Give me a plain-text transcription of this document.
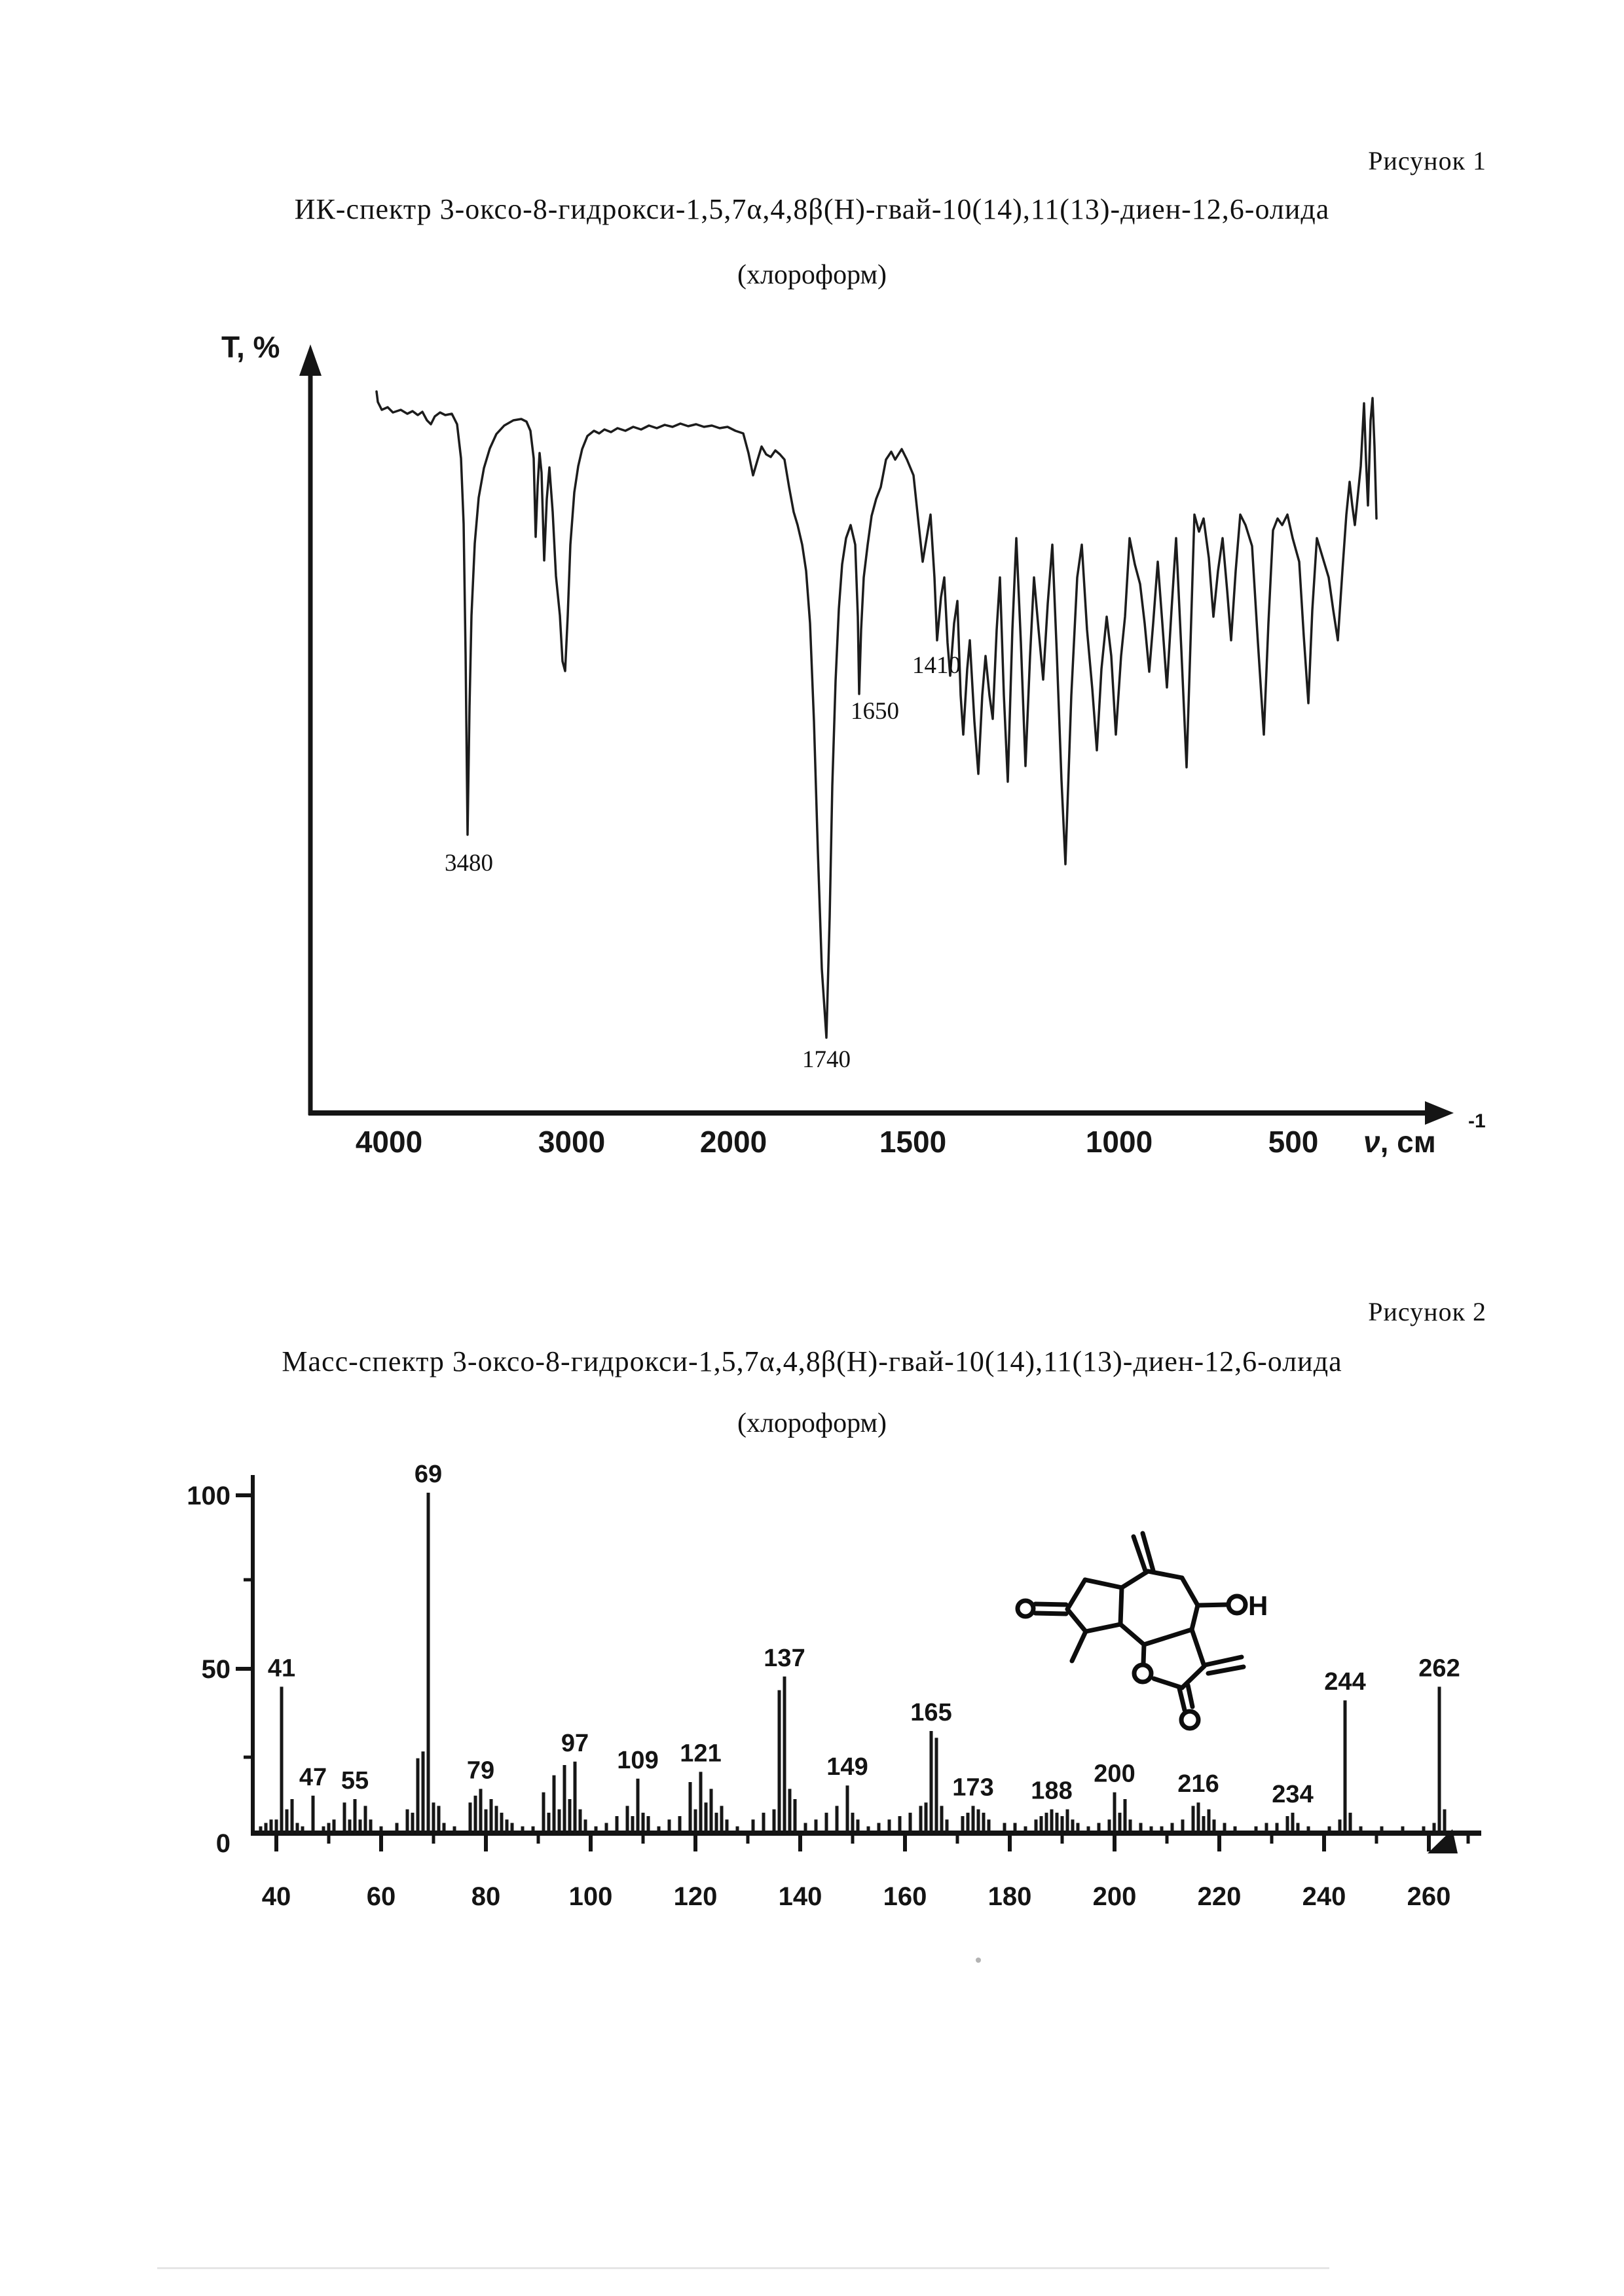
Рисунок 1
ИК-спектр 3-оксо-8-гидрокси-1,5,7α,4,8β(Н)-гвай-10(14),11(13)-диен-12,6-олида
(хлороформ)
Рисунок 2
Масс-спектр 3-оксо-8-гидрокси-1,5,7α,4,8β(Н)-гвай-10(14),11(13)-диен-12,6-олида
(хлороформ)
4000	3000	2000	1500	1000	500
T, %
ν, см
-1
3480
1740
1650
1410
100
50
0
40	60	80	100 120 140 160 180 200 220 240 260
41
47 55
69
79
97
109 121
137
149
165
173 188
200 216 234
244 262
H
